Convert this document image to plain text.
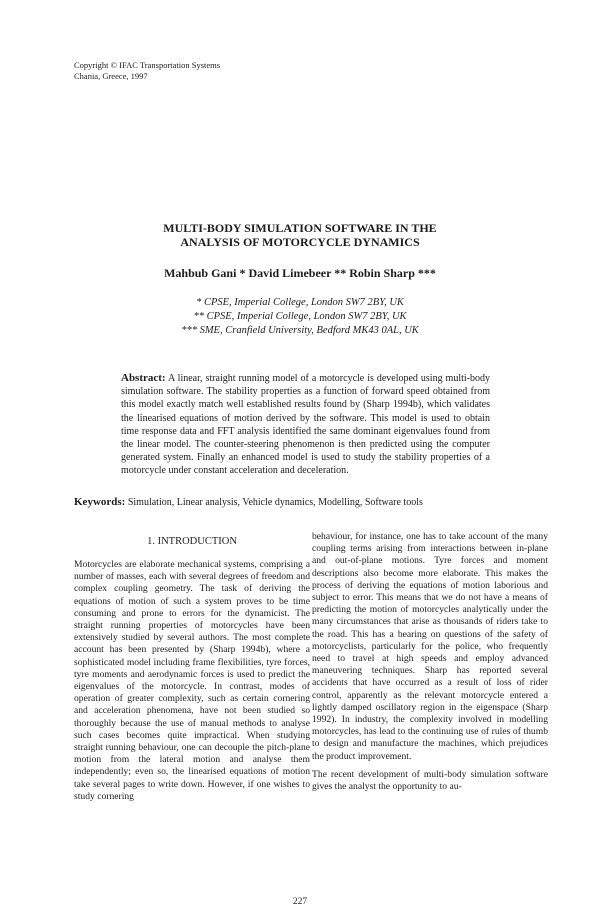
Copyright © IFAC Transportation Systems
Chania, Greece, 1997
MULTI-BODY SIMULATION SOFTWARE IN THE
ANALYSIS OF MOTORCYCLE DYNAMICS
Mahbub Gani * David Limebeer ** Robin Sharp ***
* CPSE, Imperial College, London SW7 2BY, UK
** CPSE, Imperial College, London SW7 2BY, UK
*** SME, Cranfield University, Bedford MK43 0AL, UK
Abstract: A linear, straight running model of a motorcycle is developed using multi-body simulation software. The stability properties as a function of forward speed obtained from this model exactly match well established results found by (Sharp 1994b), which validates the linearised equations of motion derived by the software. This model is used to obtain time response data and FFT analysis identified the same dominant eigenvalues found from the linear model. The counter-steering phenomenon is then predicted using the computer generated system. Finally an enhanced model is used to study the stability properties of a motorcycle under constant acceleration and deceleration.
Keywords: Simulation, Linear analysis, Vehicle dynamics, Modelling, Software tools
1. INTRODUCTION

Motorcycles are elaborate mechanical systems, comprising a number of masses, each with several degrees of freedom and complex coupling geometry. The task of deriving the equations of motion of such a system proves to be time consuming and prone to errors for the dynamicist. The straight running properties of motorcycles have been extensively studied by several authors. The most complete account has been presented by (Sharp 1994b), where a sophisticated model including frame flexibilities, tyre forces, tyre moments and aerodynamic forces is used to predict the eigenvalues of the motorcycle. In contrast, modes of operation of greater complexity, such as certain cornering and acceleration phenomena, have not been studied so thoroughly because the use of manual methods to analyse such cases becomes quite impractical. When studying straight running behaviour, one can decouple the pitch-plane motion from the lateral motion and analyse them independently; even so, the linearised equations of motion take several pages to write down. However, if one wishes to study cornering

behaviour, for instance, one has to take account of the many coupling terms arising from interactions between in-plane and out-of-plane motions. Tyre forces and moment descriptions also become more elaborate. This makes the process of deriving the equations of motion laborious and subject to error. This means that we do not have a means of predicting the motion of motorcycles analytically under the many circumstances that arise as thousands of riders take to the road. This has a bearing on questions of the safety of motorcyclists, particularly for the police, who frequently need to travel at high speeds and employ advanced maneuvering techniques. Sharp has reported several accidents that have occurred as a result of loss of rider control, apparently as the relevant motorcycle entered a lightly damped oscillatory region in the eigenspace (Sharp 1992). In industry, the complexity involved in modelling motorcycles, has lead to the continuing use of rules of thumb to design and manufacture the machines, which prejudices the product improvement.

The recent development of multi-body simulation software gives the analyst the opportunity to au-

227
